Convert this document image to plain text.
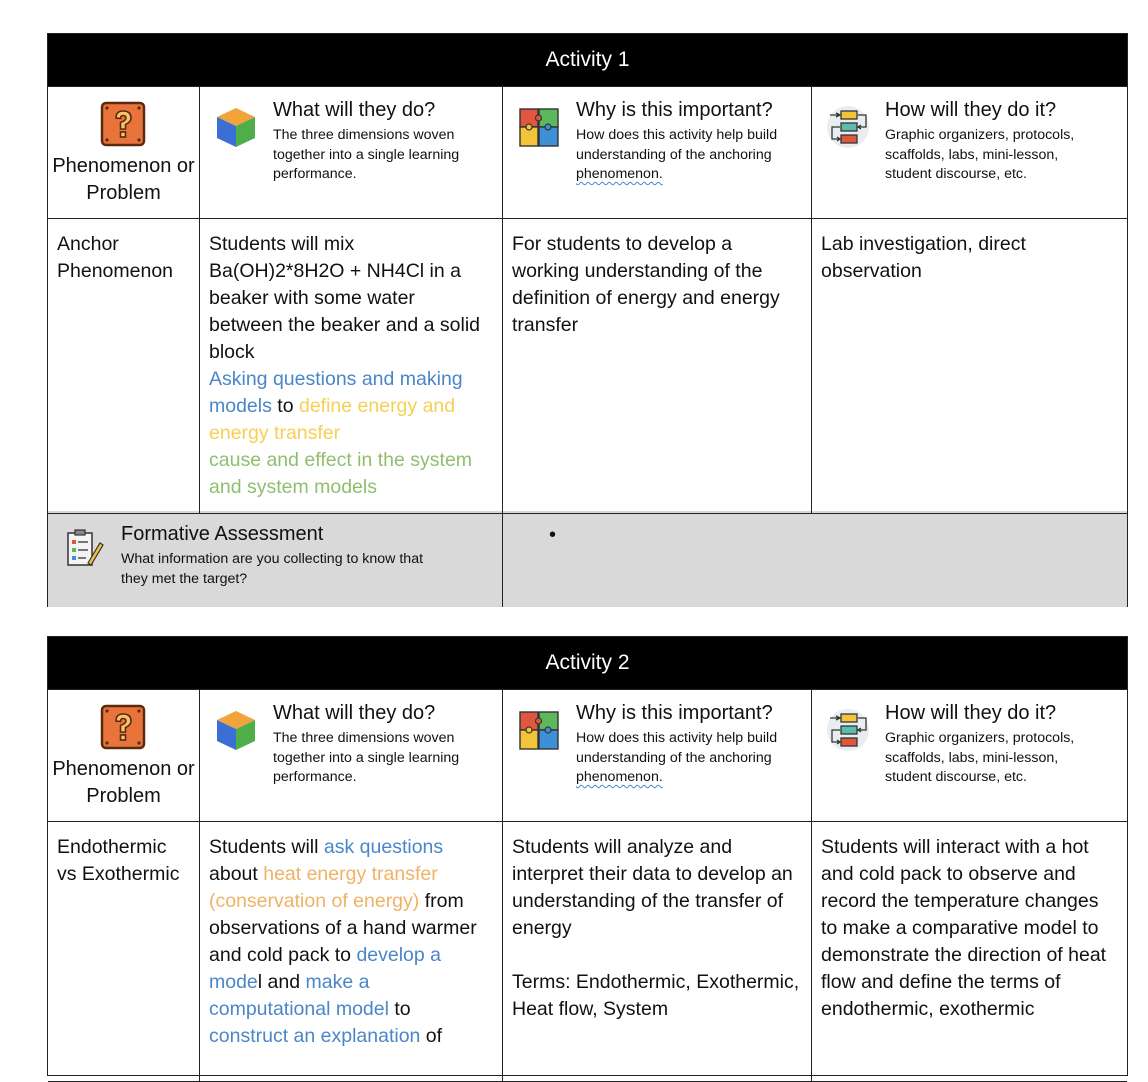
Activity 1
Phenomenon or Problem
What will they do?
The three dimensions woven together into a single learning performance.
Why is this important?
How does this activity help build understanding of the anchoring phenomenon.
How will they do it?
Graphic organizers, protocols, scaffolds, labs, mini-lesson, student discourse, etc.
Anchor Phenomenon
Students will mix Ba(OH)2*8H2O + NH4Cl in a beaker with some water between the beaker and a solid block
Asking questions and making models to define energy and energy transfer
cause and effect in the system and system models
For students to develop a working understanding of the definition of energy and energy transfer
Lab investigation, direct observation
Formative Assessment
What information are you collecting to know that they met the target?
•
Activity 2
Phenomenon or Problem
What will they do?
The three dimensions woven together into a single learning performance.
Why is this important?
How does this activity help build understanding of the anchoring phenomenon.
How will they do it?
Graphic organizers, protocols, scaffolds, labs, mini-lesson, student discourse, etc.
Endothermic vs Exothermic
Students will ask questions about heat energy transfer (conservation of energy) from observations of a hand warmer and cold pack to develop a model and make a computational model to construct an explanation of
Students will analyze and interpret their data to develop an understanding of the transfer of energy

Terms: Endothermic, Exothermic, Heat flow, System
Students will interact with a hot and cold pack to observe and record the temperature changes to make a comparative model to demonstrate the direction of heat flow and define the terms of endothermic, exothermic
